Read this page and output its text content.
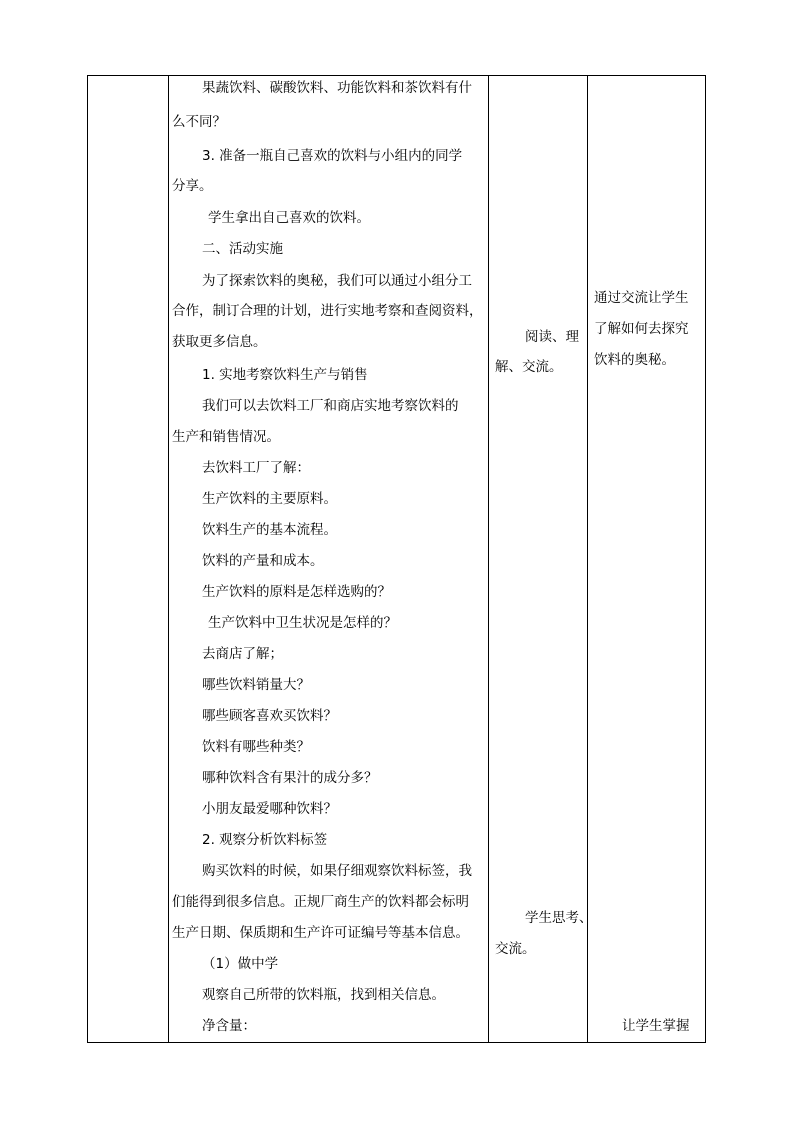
果蔬饮料、碳酸饮料、功能饮料和茶饮料有什
么不同？
3. 准备一瓶自己喜欢的饮料与小组内的同学
分享。
学生拿出自己喜欢的饮料。
二、活动实施
为了探索饮料的奥秘，我们可以通过小组分工
合作，制订合理的计划，进行实地考察和查阅资料，
获取更多信息。
1. 实地考察饮料生产与销售
我们可以去饮料工厂和商店实地考察饮料的
生产和销售情况。
去饮料工厂了解：
生产饮料的主要原料。
饮料生产的基本流程。
饮料的产量和成本。
生产饮料的原料是怎样选购的？
生产饮料中卫生状况是怎样的？
去商店了解；
哪些饮料销量大？
哪些顾客喜欢买饮料？
饮料有哪些种类？
哪种饮料含有果汁的成分多？
小朋友最爱哪种饮料？
2. 观察分析饮料标签
购买饮料的时候，如果仔细观察饮料标签，我
们能得到很多信息。正规厂商生产的饮料都会标明
生产日期、保质期和生产许可证编号等基本信息。
（1）做中学
观察自己所带的饮料瓶，找到相关信息。
净含量：
阅读、理
解、交流。
学生思考、
交流。
通过交流让学生
了解如何去探究
饮料的奥秘。
让学生掌握
